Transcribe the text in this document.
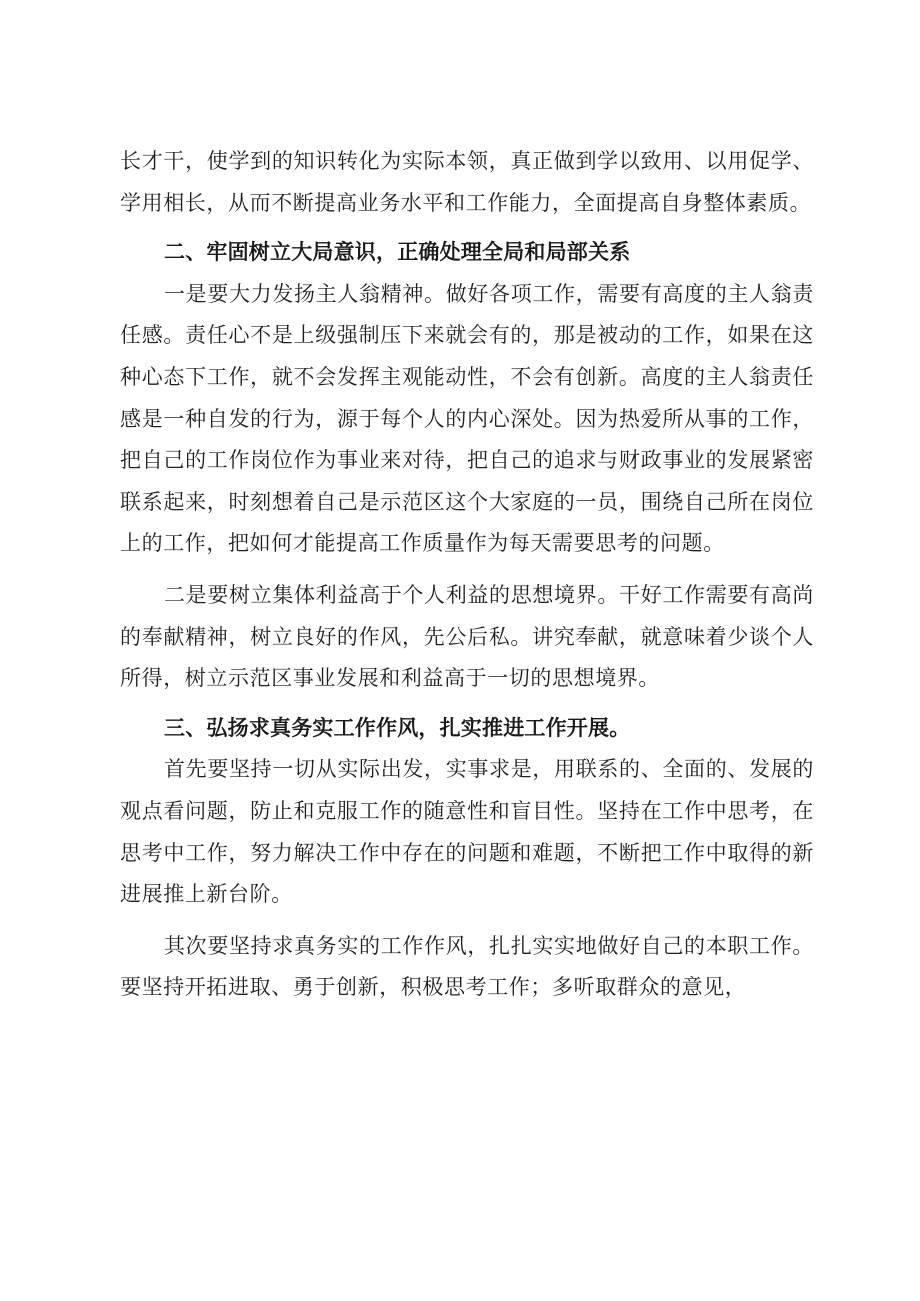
长才干，使学到的知识转化为实际本领，真正做到学以致用、以用促学、学用相长，从而不断提高业务水平和工作能力，全面提高自身整体素质。

二、牢固树立大局意识，正确处理全局和局部关系

一是要大力发扬主人翁精神。做好各项工作，需要有高度的主人翁责任感。责任心不是上级强制压下来就会有的，那是被动的工作，如果在这种心态下工作，就不会发挥主观能动性，不会有创新。高度的主人翁责任感是一种自发的行为，源于每个人的内心深处。因为热爱所从事的工作，把自己的工作岗位作为事业来对待，把自己的追求与财政事业的发展紧密联系起来，时刻想着自己是示范区这个大家庭的一员，围绕自己所在岗位上的工作，把如何才能提高工作质量作为每天需要思考的问题。

二是要树立集体利益高于个人利益的思想境界。干好工作需要有高尚的奉献精神，树立良好的作风，先公后私。讲究奉献，就意味着少谈个人所得，树立示范区事业发展和利益高于一切的思想境界。

三、弘扬求真务实工作作风，扎实推进工作开展。

首先要坚持一切从实际出发，实事求是，用联系的、全面的、发展的观点看问题，防止和克服工作的随意性和盲目性。坚持在工作中思考，在思考中工作，努力解决工作中存在的问题和难题，不断把工作中取得的新进展推上新台阶。

其次要坚持求真务实的工作作风，扎扎实实地做好自己的本职工作。要坚持开拓进取、勇于创新，积极思考工作；多听取群众的意见，
